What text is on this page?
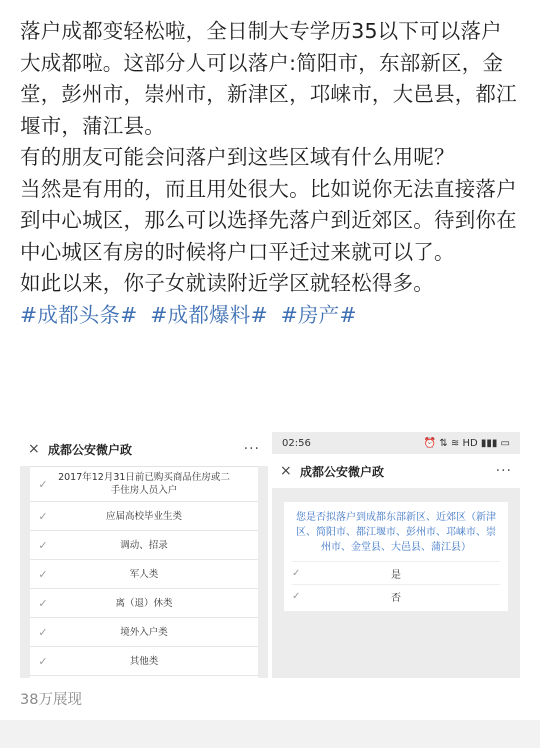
落户成都变轻松啦，全日制大专学历35以下可以落户大成都啦。这部分人可以落户:简阳市，东部新区，金堂，彭州市，崇州市，新津区，邛崃市，大邑县，都江堰市，蒲江县。

有的朋友可能会问落户到这些区域有什么用呢？

当然是有用的，而且用处很大。比如说你无法直接落户到中心城区，那么可以选择先落户到近郊区。待到你在中心城区有房的时候将户口平迁过来就可以了。

如此以来，你子女就读附近学区就轻松得多。

#成都头条# #成都爆料# #房产#

× 成都公安微户政	···
✓	2017年12月31日前已购买商品住房或二手住房人员入户
✓	应届高校毕业生类
✓	调动、招录
✓	军人类
✓	离（退）休类
✓	境外入户类
✓	其他类
02:56	⏰ ⇅ ≋ HD ▮▮▮ ▭
× 成都公安微户政	···
您是否拟落户到成都东部新区、近郊区（新津区、简阳市、都江堰市、彭州市、邛崃市、崇州市、金堂县、大邑县、蒲江县）
✓	是
✓	否
38万展现
